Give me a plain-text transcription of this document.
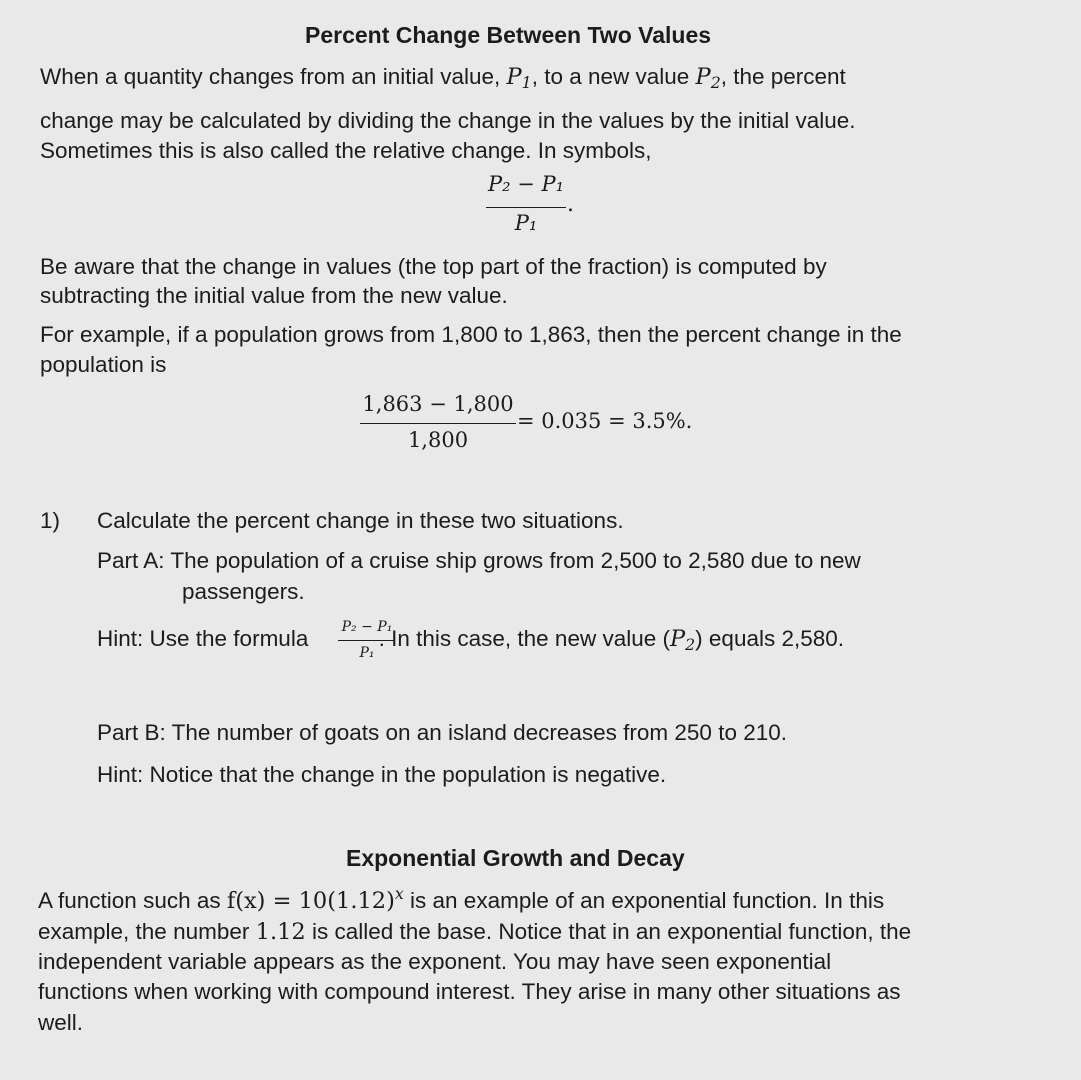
Percent Change Between Two Values
When a quantity changes from an initial value, $P_1$, to a new value $P_2$, the percent
change may be calculated by dividing the change in the values by the initial value.
Sometimes this is also called the relative change. In symbols,
P₂ − P₁
P₁
.
Be aware that the change in values (the top part of the fraction) is computed by
subtracting the initial value from the new value.
For example, if a population grows from 1,800 to 1,863, then the percent change in the
population is
1,863 − 1,800
1,800
= 0.035 = 3.5%.
1) Calculate the percent change in these two situations.
Part A: The population of a cruise ship grows from 2,500 to 2,580 due to new
passengers.
Hint: Use the formula	. In this case, the new value $(P_2)$ equals 2,580.
P₂ − P₁
P₁
Part B: The number of goats on an island decreases from 250 to 210.
Hint: Notice that the change in the population is negative.
Exponential Growth and Decay
A function such as $f(x) = 10(1.12)^x$ is an example of an exponential function. In this
example, the number 1.12 is called the base. Notice that in an exponential function, the
independent variable appears as the exponent. You may have seen exponential
functions when working with compound interest. They arise in many other situations as
well.
